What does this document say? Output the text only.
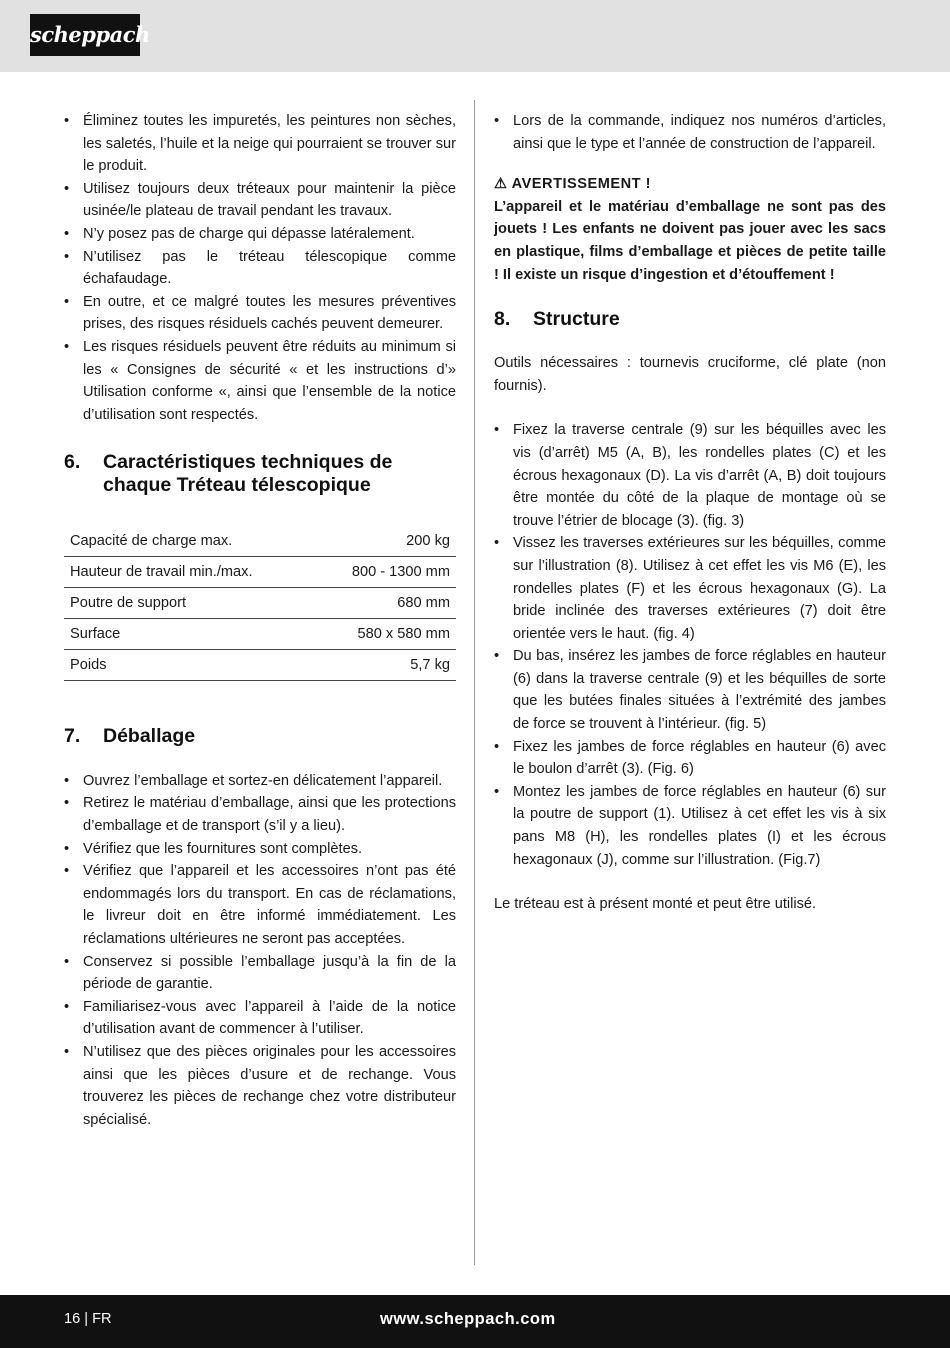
scheppach
• Éliminez toutes les impuretés, les peintures non sèches, les saletés, l’huile et la neige qui pourraient se trouver sur le produit.
• Utilisez toujours deux tréteaux pour maintenir la pièce usinée/le plateau de travail pendant les travaux.
• N’y posez pas de charge qui dépasse latéralement.
• N’utilisez pas le tréteau télescopique comme échafaudage.
• En outre, et ce malgré toutes les mesures préventives prises, des risques résiduels cachés peuvent demeurer.
• Les risques résiduels peuvent être réduits au minimum si les « Consignes de sécurité « et les instructions d’» Utilisation conforme «, ainsi que l’ensemble de la notice d’utilisation sont respectés.
6.	Caractéristiques techniques de chaque Tréteau télescopique
Capacité de charge max.	200 kg
Hauteur de travail min./max.	800 - 1300 mm
Poutre de support	680 mm
Surface	580 x 580 mm
Poids	5,7 kg
7.	Déballage
• Ouvrez l’emballage et sortez-en délicatement l’appareil.
• Retirez le matériau d’emballage, ainsi que les protections d’emballage et de transport (s’il y a lieu).
• Vérifiez que les fournitures sont complètes.
• Vérifiez que l’appareil et les accessoires n’ont pas été endommagés lors du transport. En cas de réclamations, le livreur doit en être informé immédiatement. Les réclamations ultérieures ne seront pas acceptées.
• Conservez si possible l’emballage jusqu’à la fin de la période de garantie.
• Familiarisez-vous avec l’appareil à l’aide de la notice d’utilisation avant de commencer à l’utiliser.
• N’utilisez que des pièces originales pour les accessoires ainsi que les pièces d’usure et de rechange. Vous trouverez les pièces de rechange chez votre distributeur spécialisé.
• Lors de la commande, indiquez nos numéros d’articles, ainsi que le type et l’année de construction de l’appareil.
⚠ AVERTISSEMENT !
L’appareil et le matériau d’emballage ne sont pas des jouets ! Les enfants ne doivent pas jouer avec les sacs en plastique, films d’emballage et pièces de petite taille ! Il existe un risque d’ingestion et d’étouffement !
8.	Structure

Outils nécessaires : tournevis cruciforme, clé plate (non fournis).

• Fixez la traverse centrale (9) sur les béquilles avec les vis (d’arrêt) M5 (A, B), les rondelles plates (C) et les écrous hexagonaux (D). La vis d’arrêt (A, B) doit toujours être montée du côté de la plaque de montage où se trouve l’étrier de blocage (3). (fig. 3)
• Vissez les traverses extérieures sur les béquilles, comme sur l’illustration (8). Utilisez à cet effet les vis M6 (E), les rondelles plates (F) et les écrous hexagonaux (G). La bride inclinée des traverses extérieures (7) doit être orientée vers le haut. (fig. 4)
• Du bas, insérez les jambes de force réglables en hauteur (6) dans la traverse centrale (9) et les béquilles de sorte que les butées finales situées à l’extrémité des jambes de force se trouvent à l’intérieur. (fig. 5)
• Fixez les jambes de force réglables en hauteur (6) avec le boulon d’arrêt (3). (Fig. 6)
• Montez les jambes de force réglables en hauteur (6) sur la poutre de support (1). Utilisez à cet effet les vis à six pans M8 (H), les rondelles plates (I) et les écrous hexagonaux (J), comme sur l’illustration. (Fig.7)

Le tréteau est à présent monté et peut être utilisé.

16 | FR	www.scheppach.com
